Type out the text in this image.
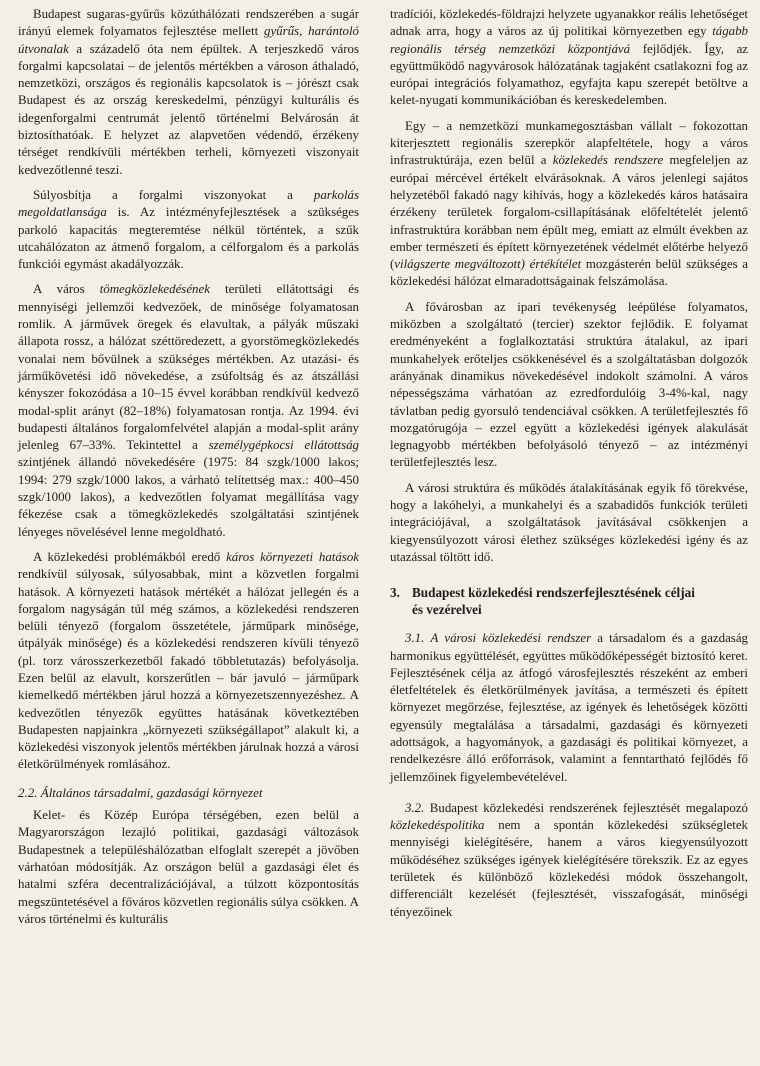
Budapest sugaras-gyűrűs közúthálózati rendszerében a sugár irányú elemek folyamatos fejlesztése mellett gyűrűs, harántoló útvonalak a századelő óta nem épültek. A terjeszkedő város forgalmi kapcsolatai – de jelentős mértékben a városon áthaladó, nemzetközi, országos és regionális kapcsolatok is – jórészt csak Budapest és az ország kereskedelmi, pénzügyi kulturális és idegenforgalmi centrumát jelentő történelmi Belvárosán át biztosíthatóak. E helyzet az alapvetően védendő, érzékeny térséget rendkívüli mértékben terheli, környezeti viszonyait kedvezőtlenné teszi.

Súlyosbítja a forgalmi viszonyokat a parkolás megoldatlansága is. Az intézményfejlesztések a szükséges parkoló kapacitás megteremtése nélkül történtek, a szűk utcahálózaton az átmenő forgalom, a célforgalom és a parkolás funkciói egymást akadályozzák.

A város tömegközlekedésének területi ellátottsági és mennyiségi jellemzői kedvezőek, de minősége folyamatosan romlik. A járművek öregek és elavultak, a pályák műszaki állapota rossz, a hálózat széttöredezett, a gyorstömegközlekedés vonalai nem bővülnek a szükséges mértékben. Az utazási- és járműkövetési idő növekedése, a zsúfoltság és az átszállási kényszer fokozódása a 10–15 évvel korábban rendkívül kedvező modal-split arányt (82–18%) folyamatosan rontja. Az 1994. évi budapesti általános forgalomfelvétel alapján a modal-split arány jelenleg 67–33%. Tekintettel a személygépkocsi ellátottság szintjének állandó növekedésére (1975: 84 szgk/1000 lakos; 1994: 279 szgk/1000 lakos, a várható telítettség max.: 400–450 szgk/1000 lakos), a kedvezőtlen folyamat megállítása vagy fékezése csak a tömegközlekedés szolgáltatási szintjének lényeges növelésével lenne megoldható.

A közlekedési problémákból eredő káros környezeti hatások rendkívül súlyosak, súlyosabbak, mint a közvetlen forgalmi hatások. A környezeti hatások mértékét a hálózat jellegén és a forgalom nagyságán túl még számos, a közlekedési rendszeren belüli tényező (forgalom összetétele, járműpark minősége, útpályák minősége) és a közlekedési rendszeren kívüli tényező (pl. torz városszerkezetből fakadó többletutazás) befolyásolja. Ezen belül az elavult, korszerűtlen – bár javuló – járműpark kiemelkedő mértékben járul hozzá a környezetszennyezéshez. A kedvezőtlen tényezők együttes hatásának következtében Budapesten napjainkra „környezeti szükségállapot” alakult ki, a közlekedési viszonyok jelentős mértékben járulnak hozzá a városi életkörülmények romlásához.

2.2. Általános társadalmi, gazdasági környezet

Kelet- és Közép Európa térségében, ezen belül a Magyarországon lezajló politikai, gazdasági változások Budapestnek a településhálózatban elfoglalt szerepét a jövőben várhatóan módosítják. Az országon belül a gazdasági élet és hatalmi szféra decentralizációjával, a túlzott központosítás megszüntetésével a főváros közvetlen regionális súlya csökken. A város történelmi és kulturális

tradíciói, közlekedés-földrajzi helyzete ugyanakkor reális lehetőséget adnak arra, hogy a város az új politikai környezetben egy tágabb regionális térség nemzetközi központjává fejlődjék. Így, az együttműködő nagyvárosok hálózatának tagjaként csatlakozni fog az európai integrációs folyamathoz, egyfajta kapu szerepét betöltve a kelet-nyugati kommunikációban és kereskedelemben.

Egy – a nemzetközi munkamegosztásban vállalt – fokozottan kiterjesztett regionális szerepkör alapfeltétele, hogy a város infrastruktúrája, ezen belül a közlekedés rendszere megfeleljen az európai mércével értékelt elvárásoknak. A város jelenlegi sajátos helyzetéből fakadó nagy kihívás, hogy a közlekedés káros hatásaira érzékeny területek forgalom-csillapításának előfeltételét jelentő infrastruktúra korábban nem épült meg, emiatt az elmúlt években az ember természeti és épített környezetének védelmét előtérbe helyező (világszerte megváltozott) értékítélet mozgásterén belül szükséges a közlekedési hálózat elmaradottságainak felszámolása.

A fővárosban az ipari tevékenység leépülése folyamatos, miközben a szolgáltató (tercier) szektor fejlődik. E folyamat eredményeként a foglalkoztatási struktúra átalakul, az ipari munkahelyek erőteljes csökkenésével és a szolgáltatásban dolgozók arányának dinamikus növekedésével indokolt számolni. A város népességszáma várhatóan az ezredfordulóig 3-4%-kal, nagy távlatban pedig gyorsuló tendenciával csökken. A területfejlesztés fő mozgatórugója – ezzel együtt a közlekedési igények alakulását legnagyobb mértékben befolyásoló tényező – az intézményi területfejlesztés lesz.

A városi struktúra és működés átalakításának egyik fő törekvése, hogy a lakóhelyi, a munkahelyi és a szabadidős funkciók területi integrációjával, a szolgáltatások javításával csökkenjen a kiegyensúlyozott városi élethez szükséges közlekedési igény és az utazással töltött idő.

3. Budapest közlekedési rendszerfejlesztésének céljai
és vezérelvei

3.1. A városi közlekedési rendszer a társadalom és a gazdaság harmonikus együttélését, együttes működőképességét biztosító keret. Fejlesztésének célja az átfogó városfejlesztés részeként az emberi életfeltételek és életkörülmények javítása, a természeti és épített környezet megőrzése, fejlesztése, az igények és lehetőségek közötti egyensúly megtalálása a társadalmi, gazdasági és környezeti adottságok, a hagyományok, a gazdasági és politikai környezet, a rendelkezésre álló erőforrások, valamint a fenntartható fejlődés fő jellemzőinek figyelembevételével.

3.2. Budapest közlekedési rendszerének fejlesztését megalapozó közlekedéspolitika nem a spontán közlekedési szükségletek mennyiségi kielégítésére, hanem a város kiegyensúlyozott működéséhez szükséges igények kielégítésére törekszik. Ez az egyes területek és különböző közlekedési módok összehangolt, differenciált kezelését (fejlesztését, visszafogását, minőségi tényezőinek
